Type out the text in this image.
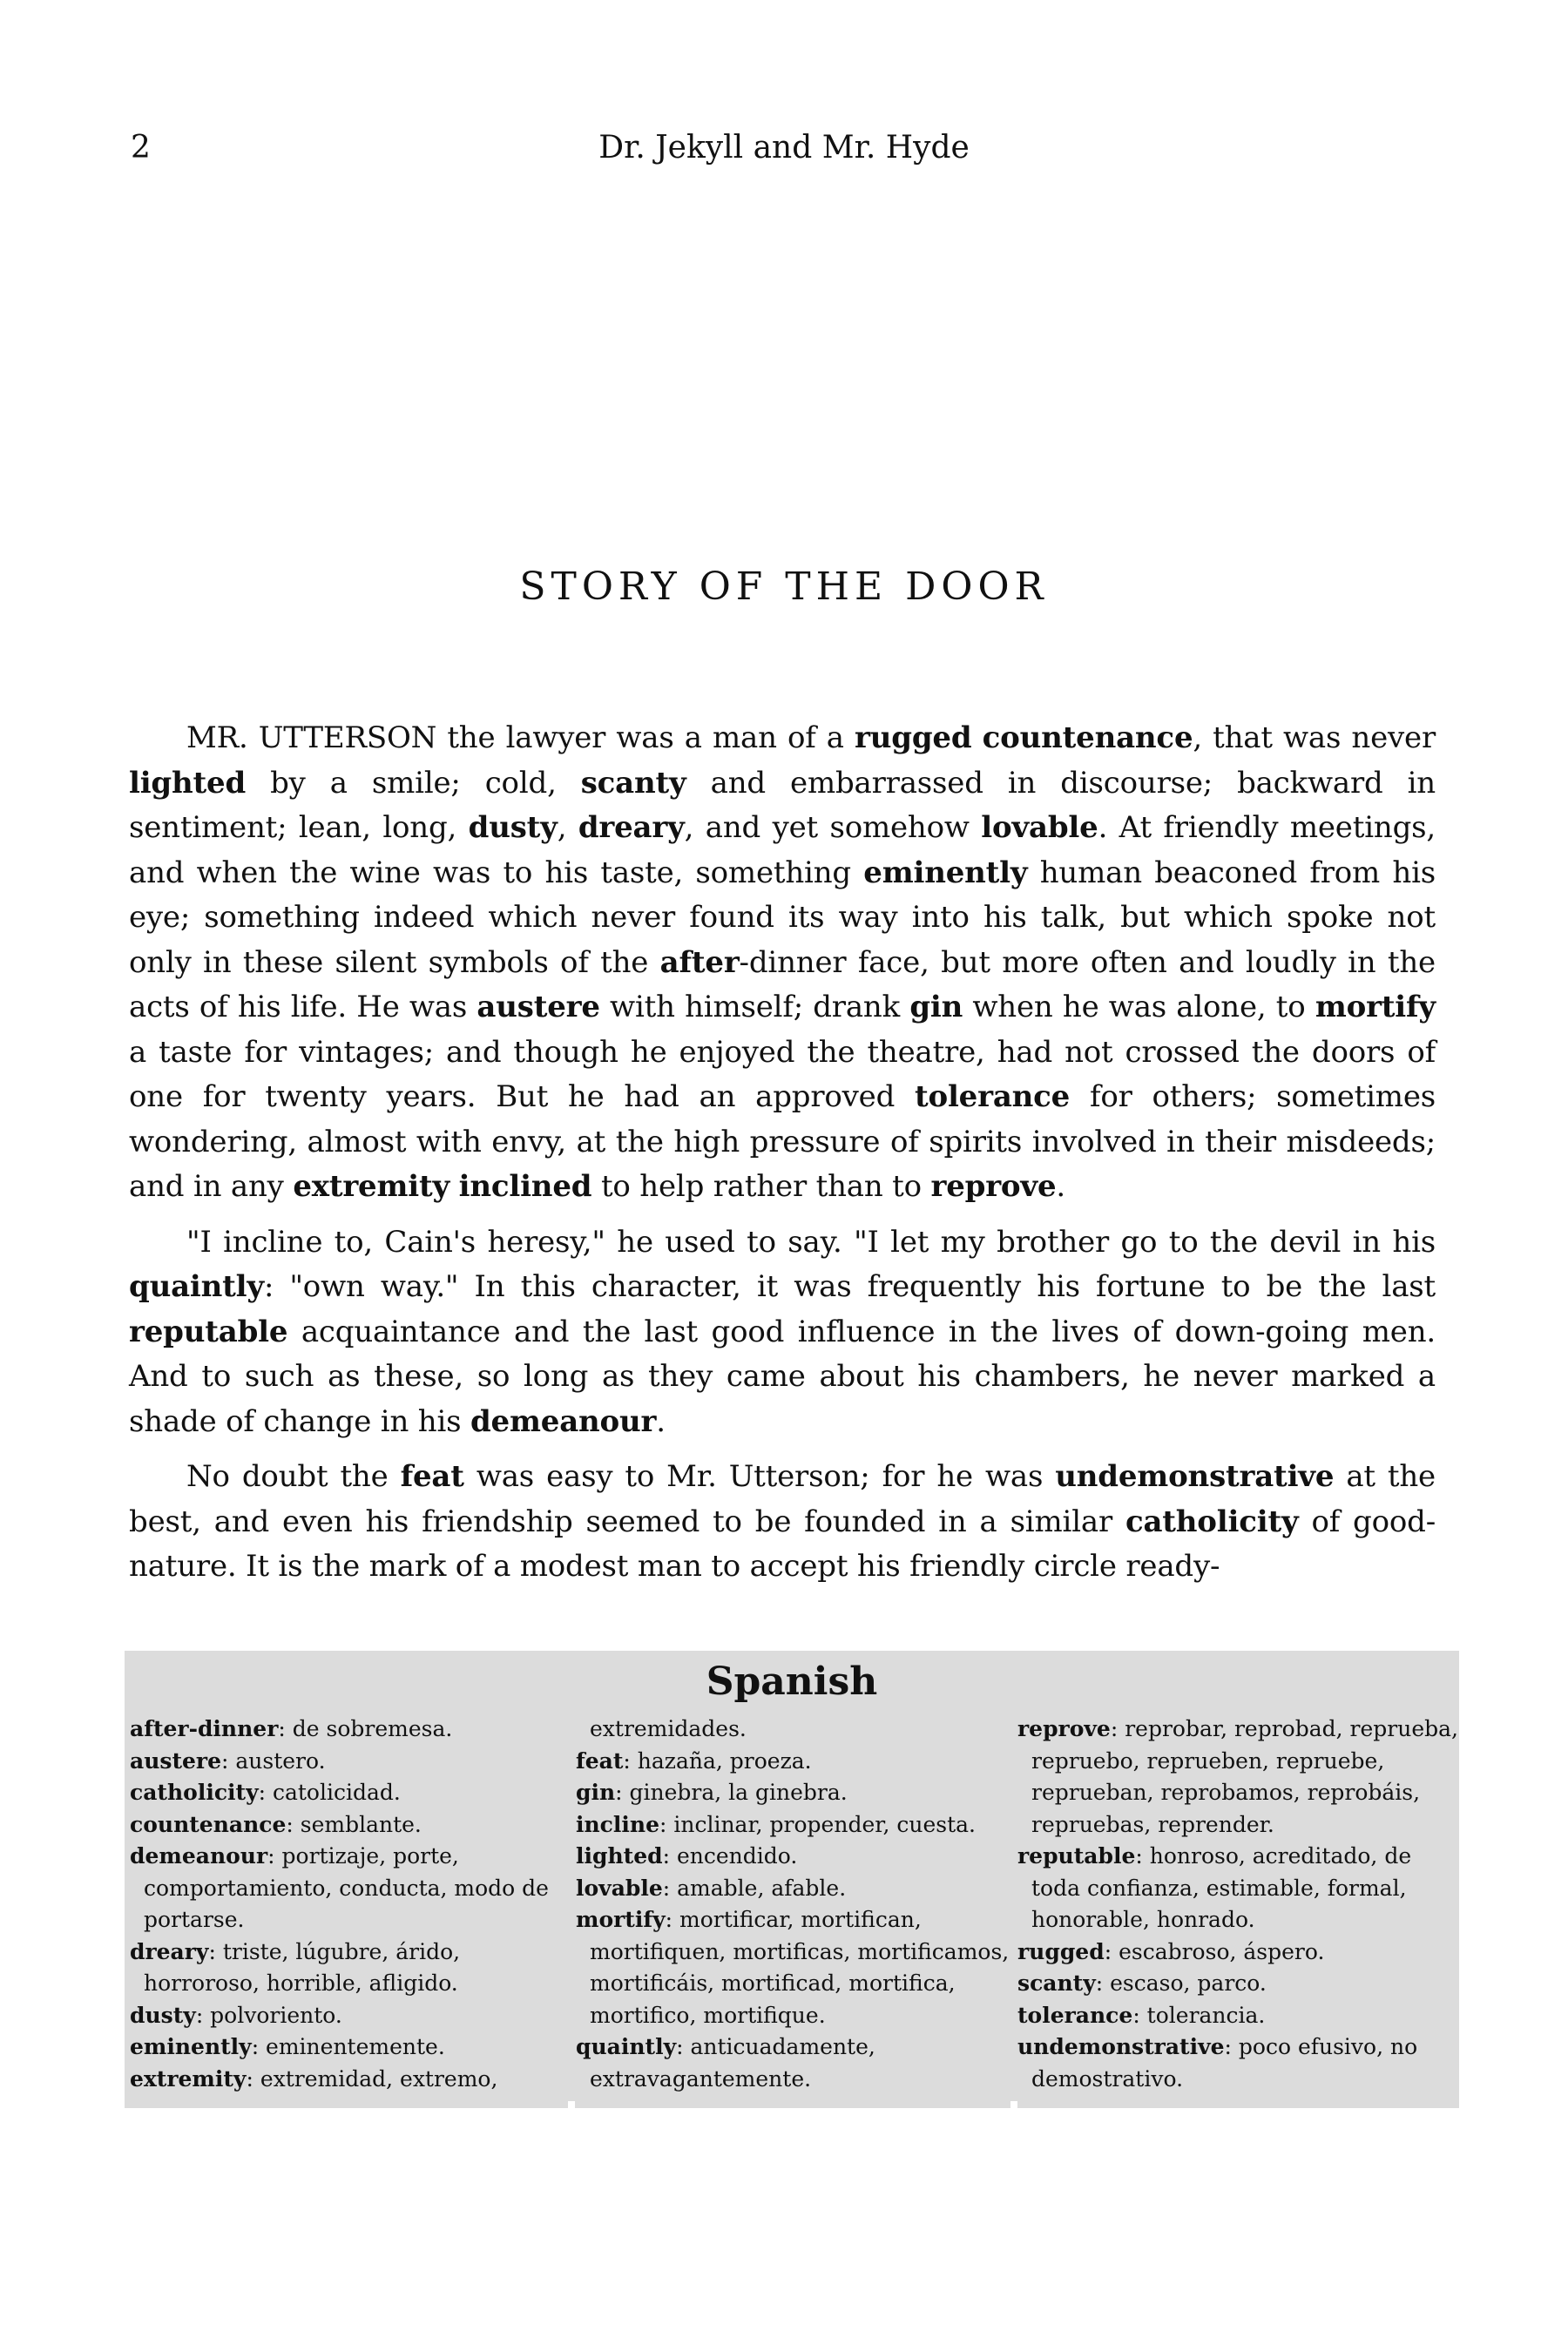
2	Dr. Jekyll and Mr. Hyde
STORY OF THE DOOR

MR. UTTERSON the lawyer was a man of a rugged countenance, that was never lighted by a smile; cold, scanty and embarrassed in discourse; backward in sentiment; lean, long, dusty, dreary, and yet somehow lovable. At friendly meetings, and when the wine was to his taste, something eminently human beaconed from his eye; something indeed which never found its way into his talk, but which spoke not only in these silent symbols of the after-dinner face, but more often and loudly in the acts of his life. He was austere with himself; drank gin when he was alone, to mortify a taste for vintages; and though he enjoyed the theatre, had not crossed the doors of one for twenty years. But he had an approved tolerance for others; sometimes wondering, almost with envy, at the high pressure of spirits involved in their misdeeds; and in any extremity inclined to help rather than to reprove.

"I incline to, Cain's heresy," he used to say. "I let my brother go to the devil in his quaintly: "own way." In this character, it was frequently his fortune to be the last reputable acquaintance and the last good influence in the lives of down-going men. And to such as these, so long as they came about his chambers, he never marked a shade of change in his demeanour.

No doubt the feat was easy to Mr. Utterson; for he was undemonstrative at the best, and even his friendship seemed to be founded in a similar catholicity of good-nature. It is the mark of a modest man to accept his friendly circle ready-

Spanish
after-dinner: de sobremesa.
austere: austero.
catholicity: catolicidad.
countenance: semblante.
demeanour: portizaje, porte, comportamiento, conducta, modo de portarse.
dreary: triste, lúgubre, árido, horroroso, horrible, afligido.
dusty: polvoriento.
eminently: eminentemente.
extremity: extremidad, extremo,
extremidades.
feat: hazaña, proeza.
gin: ginebra, la ginebra.
incline: inclinar, propender, cuesta.
lighted: encendido.
lovable: amable, afable.
mortify: mortificar, mortifican, mortifiquen, mortificas, mortificamos, mortificáis, mortificad, mortifica, mortifico, mortifique.
quaintly: anticuadamente, extravagantemente.
reprove: reprobar, reprobad, reprueba, repruebo, reprueben, repruebe, reprueban, reprobamos, reprobáis, repruebas, reprender.
reputable: honroso, acreditado, de toda confianza, estimable, formal, honorable, honrado.
rugged: escabroso, áspero.
scanty: escaso, parco.
tolerance: tolerancia.
undemonstrative: poco efusivo, no demostrativo.
